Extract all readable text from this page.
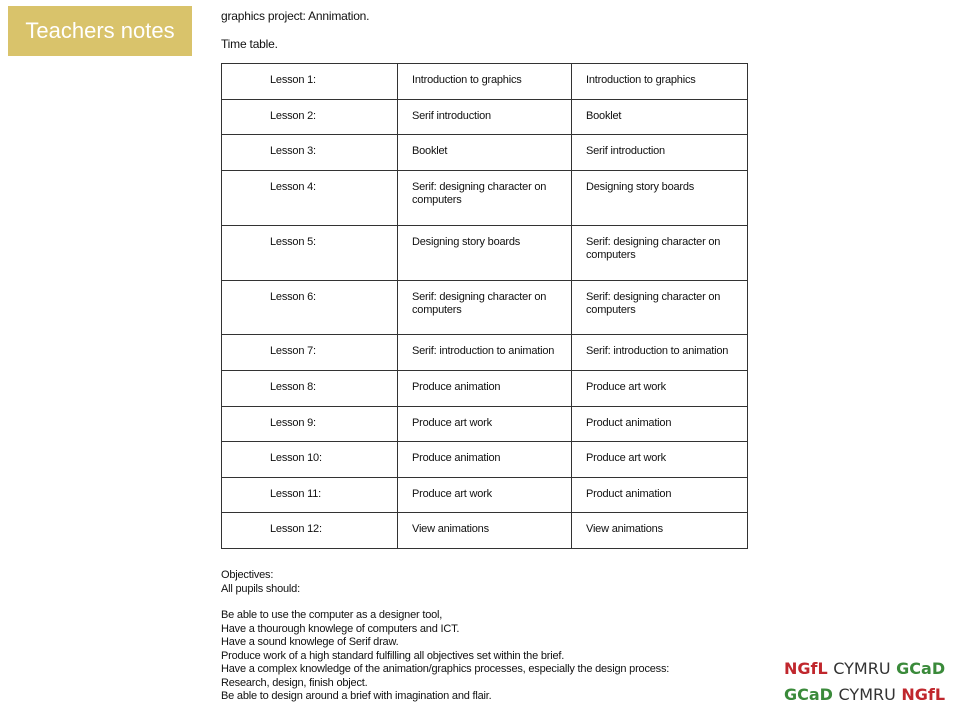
Teachers notes
graphics project: Annimation.
Time table.
Lesson 1:	Introduction to graphics	Introduction to graphics
Lesson 2:	Serif introduction	Booklet
Lesson 3:	Booklet	Serif introduction
Lesson 4:	Serif: designing character on computers	Designing story boards
Lesson 5:	Designing story boards	Serif: designing character on computers
Lesson 6:	Serif: designing character on computers	Serif: designing character on computers
Lesson 7:	Serif: introduction to animation	Serif: introduction to animation
Lesson 8:	Produce animation	Produce art work
Lesson 9:	Produce art work	Product animation
Lesson 10:	Produce animation	Produce art work
Lesson 11:	Produce art work	Product animation
Lesson 12:	View animations	View animations
Objectives:
All pupils should:
Be able to use the computer as a designer tool,
Have a thourough knowlege of computers and ICT.
Have a sound knowlege of Serif draw.
Produce work of a high standard fulfilling all objectives set within the brief.
Have a complex knowledge of the animation/graphics processes, especially the design process:
Research, design, finish object.
Be able to design around a brief with imagination and flair.
NGfL CYMRU GCaD
GCaD CYMRU NGfL
